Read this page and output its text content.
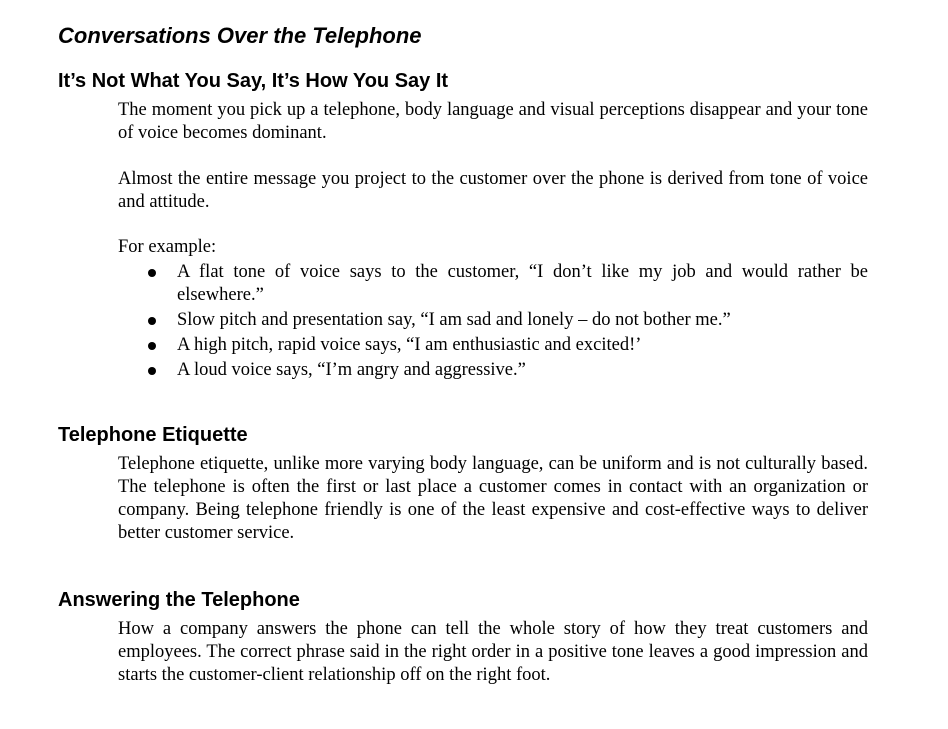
Conversations Over the Telephone
It’s Not What You Say, It’s How You Say It

The moment you pick up a telephone, body language and visual perceptions disappear and your tone of voice becomes dominant.

Almost the entire message you project to the customer over the phone is derived from tone of voice and attitude.

For example:

A flat tone of voice says to the customer, “I don’t like my job and would rather be elsewhere.”
Slow pitch and presentation say, “I am sad and lonely – do not bother me.”
A high pitch, rapid voice says, “I am enthusiastic and excited!’
A loud voice says, “I’m angry and aggressive.”
Telephone Etiquette

Telephone etiquette, unlike more varying body language, can be uniform and is not culturally based. The telephone is often the first or last place a customer comes in contact with an organization or company. Being telephone friendly is one of the least expensive and cost-effective ways to deliver better customer service.

Answering the Telephone

How a company answers the phone can tell the whole story of how they treat customers and employees. The correct phrase said in the right order in a positive tone leaves a good impression and starts the customer-client relationship off on the right foot.
